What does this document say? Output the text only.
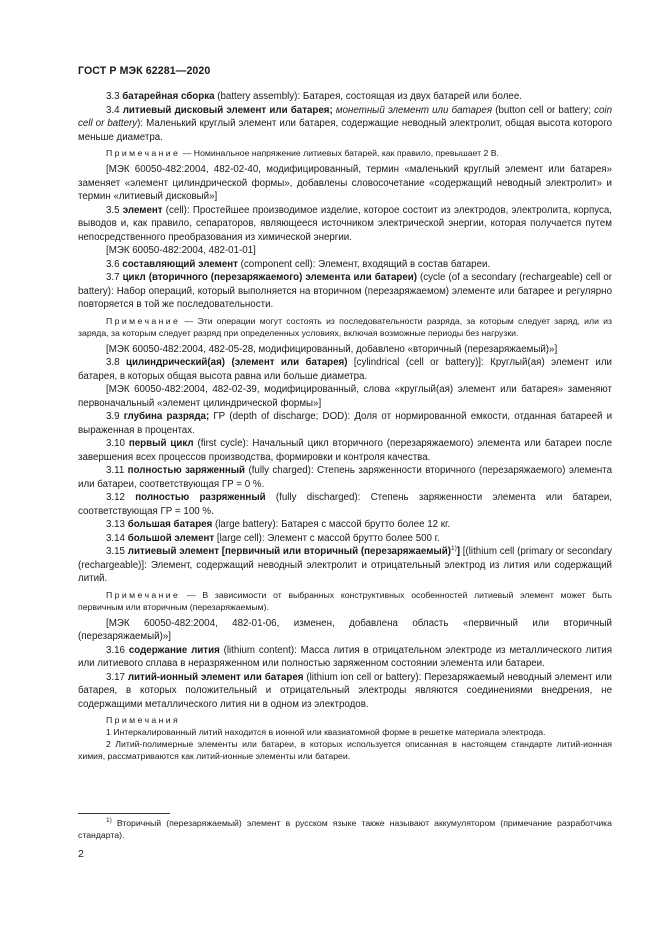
ГОСТ Р МЭК 62281—2020

3.3 батарейная сборка (battery assembly): Батарея, состоящая из двух батарей или более.

3.4 литиевый дисковый элемент или батарея; монетный элемент или батарея (button cell or battery; coin cell or battery): Маленький круглый элемент или батарея, содержащие неводный электролит, общая высота которого меньше диаметра.

Примечание — Номинальное напряжение литиевых батарей, как правило, превышает 2 В.

[МЭК 60050-482:2004, 482-02-40, модифицированный, термин «маленький круглый элемент или батарея» заменяет «элемент цилиндрической формы», добавлены словосочетание «содержащий неводный электролит» и термин «литиевый дисковый»]

3.5 элемент (cell): Простейшее производимое изделие, которое состоит из электродов, электролита, корпуса, выводов и, как правило, сепараторов, являющееся источником электрической энергии, которая получается путем непосредственного преобразования из химической энергии.

[МЭК 60050-482:2004, 482-01-01]

3.6 составляющий элемент (component cell): Элемент, входящий в состав батареи.

3.7 цикл (вторичного (перезаряжаемого) элемента или батареи) (cycle (of a secondary (rechargeable) cell or battery): Набор операций, который выполняется на вторичном (перезаряжаемом) элементе или батарее и регулярно повторяется в той же последовательности.

Примечание — Эти операции могут состоять из последовательности разряда, за которым следует заряд, или из заряда, за которым следует разряд при определенных условиях, включая возможные периоды без нагрузки.

[МЭК 60050-482:2004, 482-05-28, модифицированный, добавлено «вторичный (перезаряжаемый)»]

3.8 цилиндрический(ая) (элемент или батарея) [cylindrical (cell or battery)]: Круглый(ая) элемент или батарея, в которых общая высота равна или больше диаметра.

[МЭК 60050-482:2004, 482-02-39, модифицированный, слова «круглый(ая) элемент или батарея» заменяют первоначальный «элемент цилиндрической формы»]

3.9 глубина разряда; ГР (depth of discharge; DOD): Доля от нормированной емкости, отданная батареей и выраженная в процентах.

3.10 первый цикл (first cycle): Начальный цикл вторичного (перезаряжаемого) элемента или батареи после завершения всех процессов производства, формировки и контроля качества.

3.11 полностью заряженный (fully charged): Степень заряженности вторичного (перезаряжаемого) элемента или батареи, соответствующая ГР = 0 %.

3.12 полностью разряженный (fully discharged): Степень заряженности элемента или батареи, соответствующая ГР = 100 %.

3.13 большая батарея (large battery): Батарея с массой брутто более 12 кг.

3.14 большой элемент [large cell): Элемент с массой брутто более 500 г.

3.15 литиевый элемент [первичный или вторичный (перезаряжаемый)$^{1)}$] [(lithium cell (primary or secondary (rechargeable)]: Элемент, содержащий неводный электролит и отрицательный электрод из лития или содержащий литий.

Примечание — В зависимости от выбранных конструктивных особенностей литиевый элемент может быть первичным или вторичным (перезаряжаемым).

[МЭК 60050-482:2004, 482-01-06, изменен, добавлена область «первичный или вторичный (перезаряжаемый)»]

3.16 содержание лития (lithium content): Масса лития в отрицательном электроде из металлического лития или литиевого сплава в неразряженном или полностью заряженном состоянии элемента или батареи.

3.17 литий-ионный элемент или батарея (lithium ion cell or battery): Перезаряжаемый неводный элемент или батарея, в которых положительный и отрицательный электроды являются соединениями внедрения, не содержащими металлического лития ни в одном из электродов.

Примечания

1 Интеркалированный литий находится в ионной или квазиатомной форме в решетке материала электрода.

2 Литий-полимерные элементы или батареи, в которых используется описанная в настоящем стандарте литий-ионная химия, рассматриваются как литий-ионные элементы или батареи.

$^{1)}$ Вторичный (перезаряжаемый) элемент в русском языке также называют аккумулятором (примечание разработчика стандарта).
2
